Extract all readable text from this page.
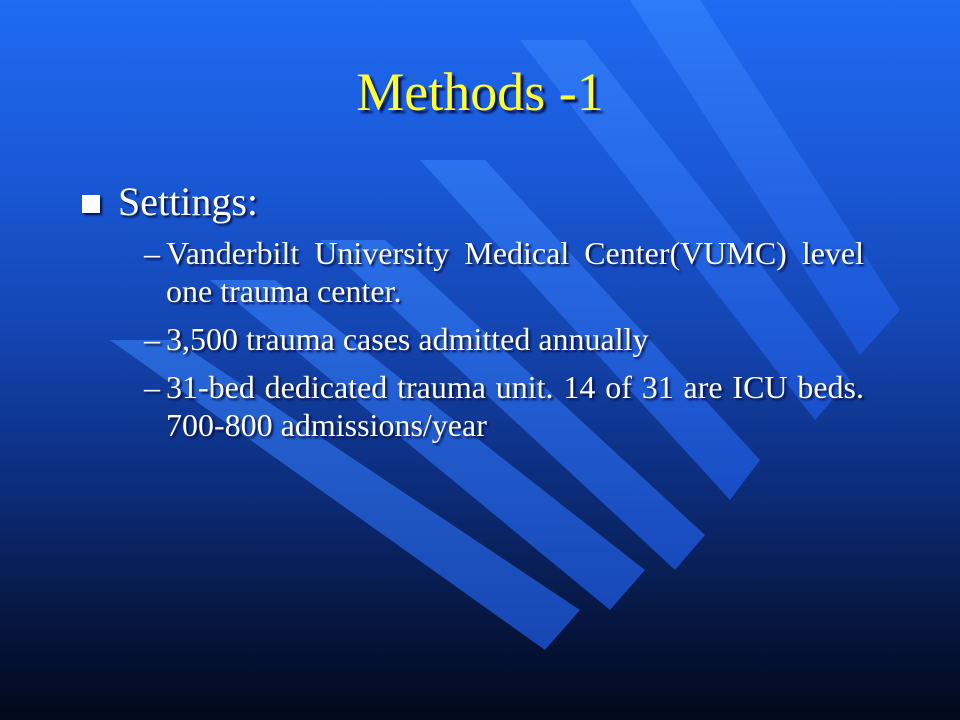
Methods -1
Settings:
– Vanderbilt University Medical Center(VUMC) level one trauma center.
– 3,500 trauma cases admitted annually
– 31-bed dedicated trauma unit. 14 of 31 are ICU beds. 700-800 admissions/year
